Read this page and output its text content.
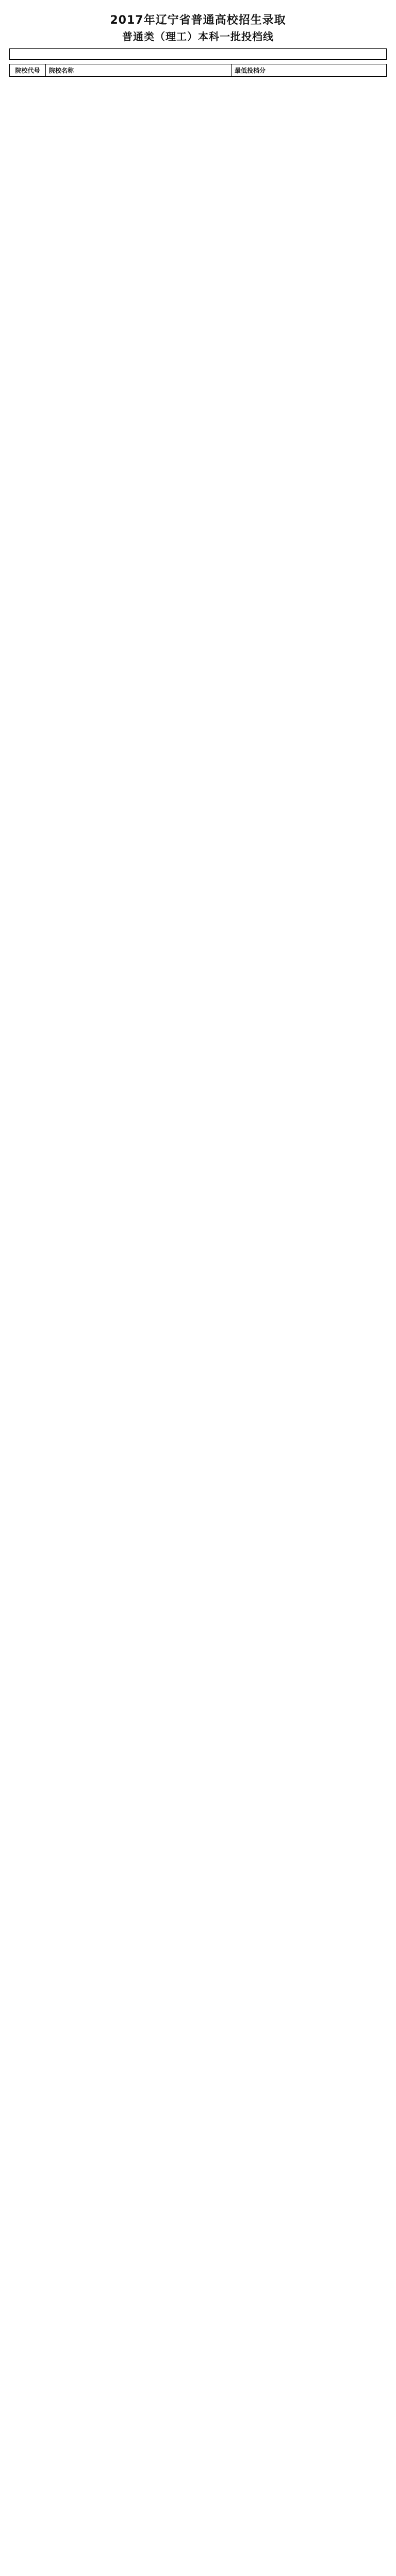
2017年辽宁省普通高校招生录取
普通类（理工）本科一批投档线
院校代号	院校名称	最低投档分
